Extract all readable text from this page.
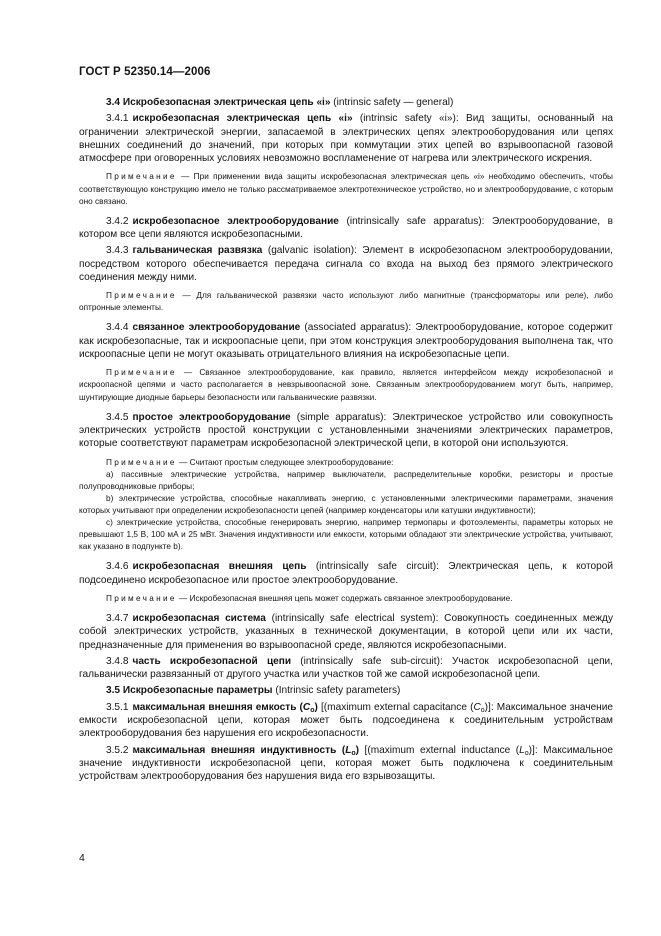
ГОСТ Р 52350.14—2006

3.4 Искробезопасная электрическая цепь «i» (intrinsic safety — general)

3.4.1 искробезопасная электрическая цепь «i» (intrinsic safety «i»): Вид защиты, основанный на ограничении электрической энергии, запасаемой в электрических цепях электрооборудования или цепях внешних соединений до значений, при которых при коммутации этих цепей во взрывоопасной газовой атмосфере при оговоренных условиях невозможно воспламенение от нагрева или электрического искрения.

Примечание — При применении вида защиты искробезопасная электрическая цепь «i» необходимо обеспечить, чтобы соответствующую конструкцию имело не только рассматриваемое электротехническое устройство, но и электрооборудование, с которым оно связано.

3.4.2 искробезопасное электрооборудование (intrinsically safe apparatus): Электрооборудование, в котором все цепи являются искробезопасными.

3.4.3 гальваническая развязка (galvanic isolation): Элемент в искробезопасном электрооборудовании, посредством которого обеспечивается передача сигнала со входа на выход без прямого электрического соединения между ними.

Примечание — Для гальванической развязки часто используют либо магнитные (трансформаторы или реле), либо оптронные элементы.

3.4.4 связанное электрооборудование (associated apparatus): Электрооборудование, которое содержит как искробезопасные, так и искроопасные цепи, при этом конструкция электрооборудования выполнена так, что искроопасные цепи не могут оказывать отрицательного влияния на искробезопасные цепи.

Примечание — Связанное электрооборудование, как правило, является интерфейсом между искробезопасной и искроопасной цепями и часто располагается в невзрывоопасной зоне. Связанным электрооборудованием могут быть, например, шунтирующие диодные барьеры безопасности или гальванические развязки.

3.4.5 простое электрооборудование (simple apparatus): Электрическое устройство или совокупность электрических устройств простой конструкции с установленными значениями электрических параметров, которые соответствуют параметрам искробезопасной электрической цепи, в которой они используются.

Примечание — Считают простым следующее электрооборудование:

а) пассивные электрические устройства, например выключатели, распределительные коробки, резисторы и простые полупроводниковые приборы;

b) электрические устройства, способные накапливать энергию, с установленными электрическими параметрами, значения которых учитывают при определении искробезопасности цепей (например конденсаторы или катушки индуктивности);

c) электрические устройства, способные генерировать энергию, например термопары и фотоэлементы, параметры которых не превышают 1,5 В, 100 мА и 25 мВт. Значения индуктивности или емкости, которыми обладают эти электрические устройства, учитывают, как указано в подпункте b).

3.4.6 искробезопасная внешняя цепь (intrinsically safe circuit): Электрическая цепь, к которой подсоединено искробезопасное или простое электрооборудование.

Примечание — Искробезопасная внешняя цепь может содержать связанное электрооборудование.

3.4.7 искробезопасная система (intrinsically safe electrical system): Совокупность соединенных между собой электрических устройств, указанных в технической документации, в которой цепи или их части, предназначенные для применения во взрывоопасной среде, являются искробезопасными.

3.4.8 часть искробезопасной цепи (intrinsically safe sub-circuit): Участок искробезопасной цепи, гальванически развязанный от другого участка или участков той же самой искробезопасной цепи.

3.5 Искробезопасные параметры (Intrinsic safety parameters)

3.5.1 максимальная внешняя емкость $(C_o)$ [(maximum external capacitance $(C_o)$]: Максимальное значение емкости искробезопасной цепи, которая может быть подсоединена к соединительным устройствам электрооборудования без нарушения его искробезопасности.

3.5.2 максимальная внешняя индуктивность $(L_o)$ [(maximum external inductance $(L_o)$]: Максимальное значение индуктивности искробезопасной цепи, которая может быть подключена к соединительным устройствам электрооборудования без нарушения вида его взрывозащиты.

4
